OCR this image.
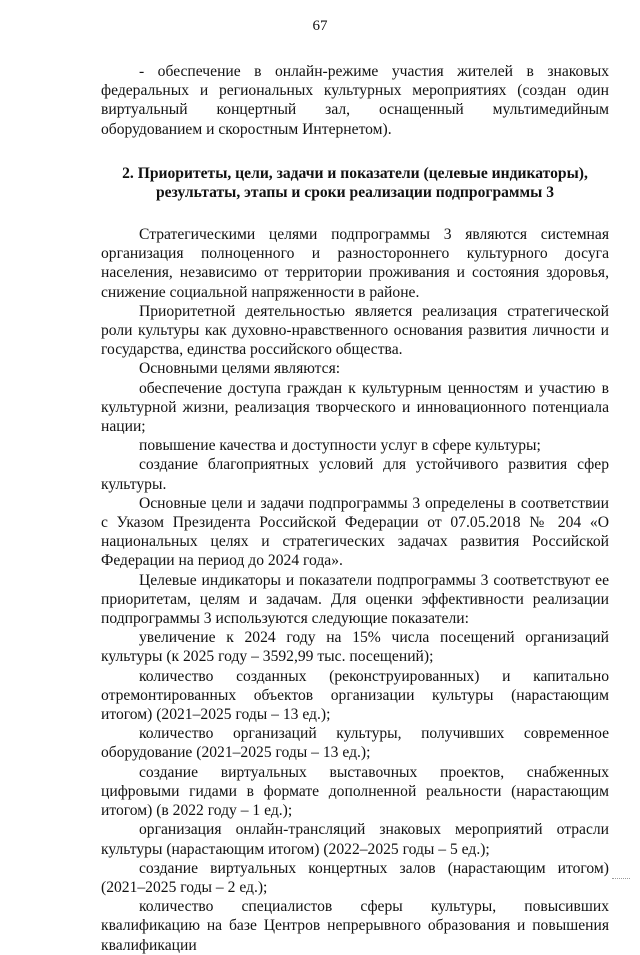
67

- обеспечение в онлайн-режиме участия жителей в знаковых федеральных и региональных культурных мероприятиях (создан один виртуальный концертный зал, оснащенный мультимедийным оборудованием и скоростным Интернетом).

2. Приоритеты, цели, задачи и показатели (целевые индикаторы), результаты, этапы и сроки реализации подпрограммы 3

Стратегическими целями подпрограммы 3 являются системная организация полноценного и разностороннего культурного досуга населения, независимо от территории проживания и состояния здоровья, снижение социальной напряженности в районе.

Приоритетной деятельностью является реализация стратегической роли культуры как духовно-нравственного основания развития личности и государства, единства российского общества.

Основными целями являются:

обеспечение доступа граждан к культурным ценностям и участию в культурной жизни, реализация творческого и инновационного потенциала нации;

повышение качества и доступности услуг в сфере культуры;

создание благоприятных условий для устойчивого развития сфер культуры.

Основные цели и задачи подпрограммы 3 определены в соответствии с Указом Президента Российской Федерации от 07.05.2018 № 204 «О национальных целях и стратегических задачах развития Российской Федерации на период до 2024 года».

Целевые индикаторы и показатели подпрограммы 3 соответствуют ее приоритетам, целям и задачам. Для оценки эффективности реализации подпрограммы 3 используются следующие показатели:

увеличение к 2024 году на 15% числа посещений организаций культуры (к 2025 году – 3592,99 тыс. посещений);

количество созданных (реконструированных) и капитально отремонтированных объектов организации культуры (нарастающим итогом) (2021–2025 годы – 13 ед.);

количество организаций культуры, получивших современное оборудование (2021–2025 годы – 13 ед.);

создание виртуальных выставочных проектов, снабженных цифровыми гидами в формате дополненной реальности (нарастающим итогом) (в 2022 году – 1 ед.);

организация онлайн-трансляций знаковых мероприятий отрасли культуры (нарастающим итогом) (2022–2025 годы – 5 ед.);

создание виртуальных концертных залов (нарастающим итогом) (2021–2025 годы – 2 ед.);

количество специалистов сферы культуры, повысивших квалификацию на базе Центров непрерывного образования и повышения квалификации
